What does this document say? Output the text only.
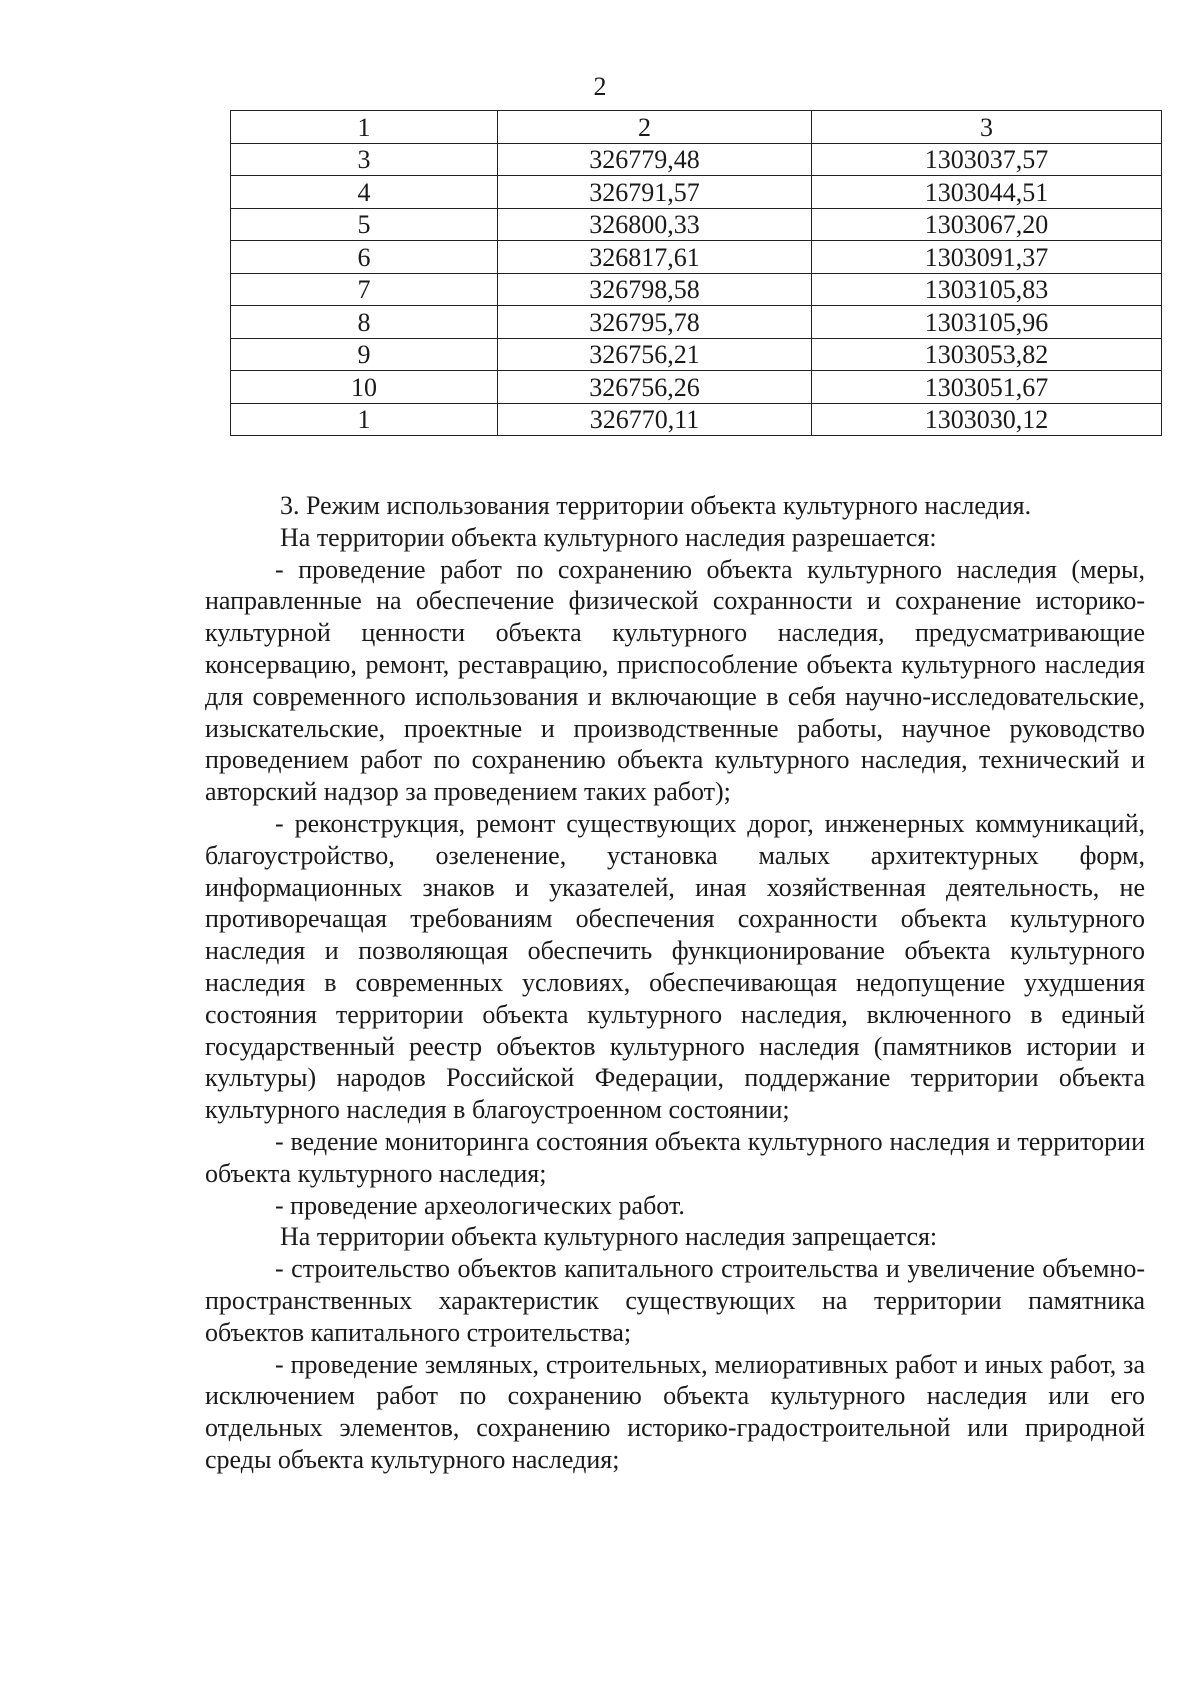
2
1	2	3
3	326779,48	1303037,57
4	326791,57	1303044,51
5	326800,33	1303067,20
6	326817,61	1303091,37
7	326798,58	1303105,83
8	326795,78	1303105,96
9	326756,21	1303053,82
10	326756,26	1303051,67
1	326770,11	1303030,12

3. Режим использования территории объекта культурного наследия.

На территории объекта культурного наследия разрешается:

- проведение работ по сохранению объекта культурного наследия (меры, направленные на обеспечение физической сохранности и сохранение историко-культурной ценности объекта культурного наследия, предусматривающие консервацию, ремонт, реставрацию, приспособление объекта культурного наследия для современного использования и включающие в себя научно-исследовательские, изыскательские, проектные и производственные работы, научное руководство проведением работ по сохранению объекта культурного наследия, технический и авторский надзор за проведением таких работ);

- реконструкция, ремонт существующих дорог, инженерных коммуникаций, благоустройство, озеленение, установка малых архитектурных форм, информационных знаков и указателей, иная хозяйственная деятельность, не противоречащая требованиям обеспечения сохранности объекта культурного наследия и позволяющая обеспечить функционирование объекта культурного наследия в современных условиях, обеспечивающая недопущение ухудшения состояния территории объекта культурного наследия, включенного в единый государственный реестр объектов культурного наследия (памятников истории и культуры) народов Российской Федерации, поддержание территории объекта культурного наследия в благоустроенном состоянии;

- ведение мониторинга состояния объекта культурного наследия и территории объекта культурного наследия;

- проведение археологических работ.

На территории объекта культурного наследия запрещается:

- строительство объектов капитального строительства и увеличение объемно-пространственных характеристик существующих на территории памятника объектов капитального строительства;

- проведение земляных, строительных, мелиоративных работ и иных работ, за исключением работ по сохранению объекта культурного наследия или его отдельных элементов, сохранению историко-градостроительной или природной среды объекта культурного наследия;
